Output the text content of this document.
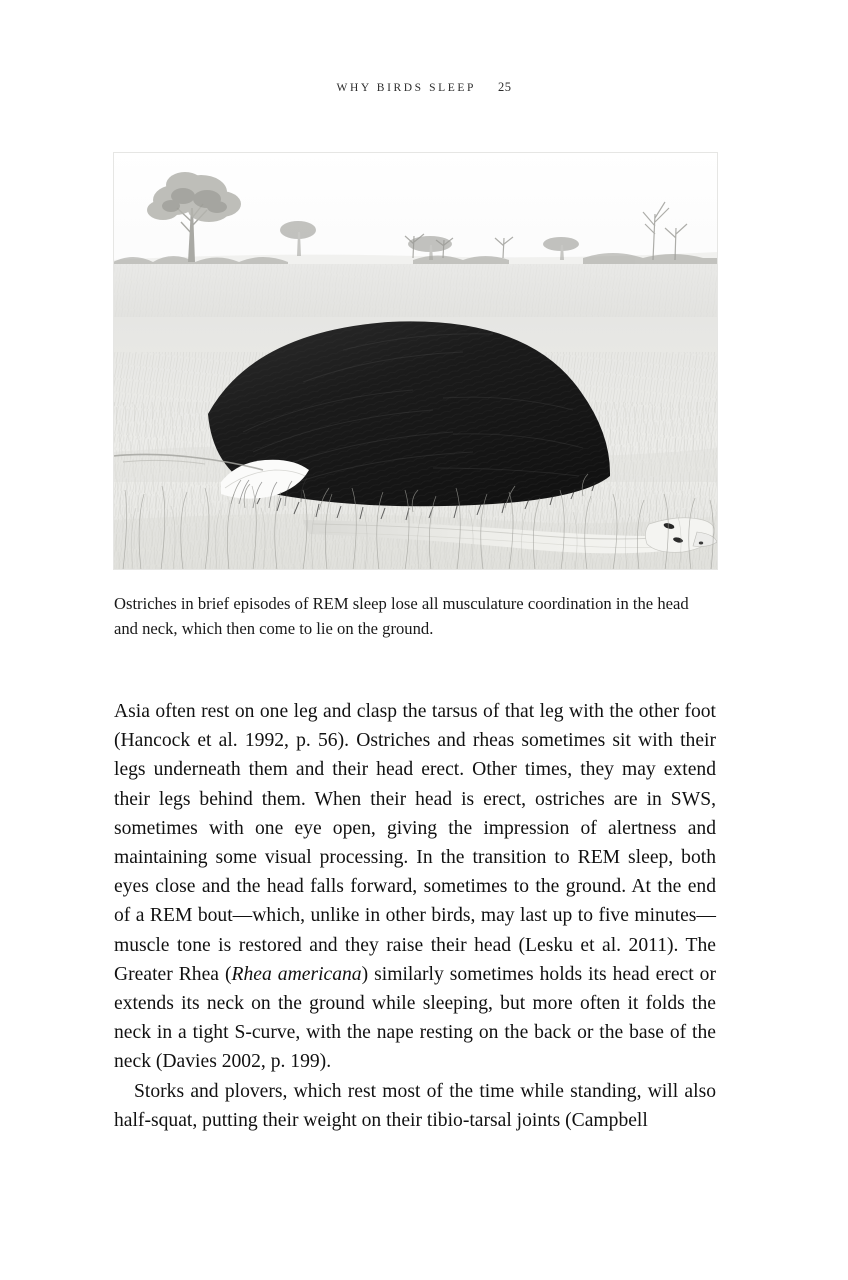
WHY BIRDS SLEEP 25
Ostriches in brief episodes of REM sleep lose all musculature coordination in the head and neck, which then come to lie on the ground.

Asia often rest on one leg and clasp the tarsus of that leg with the other foot (Hancock et al. 1992, p. 56). Ostriches and rheas sometimes sit with their legs underneath them and their head erect. Other times, they may extend their legs behind them. When their head is erect, ostriches are in SWS, sometimes with one eye open, giving the impression of alertness and maintaining some visual processing. In the transition to REM sleep, both eyes close and the head falls forward, sometimes to the ground. At the end of a REM bout—which, unlike in other birds, may last up to five minutes—muscle tone is restored and they raise their head (Lesku et al. 2011). The Greater Rhea (Rhea americana) similarly sometimes holds its head erect or extends its neck on the ground while sleeping, but more often it folds the neck in a tight S-curve, with the nape resting on the back or the base of the neck (Davies 2002, p. 199).

Storks and plovers, which rest most of the time while standing, will also half-squat, putting their weight on their tibio-tarsal joints (Campbell
